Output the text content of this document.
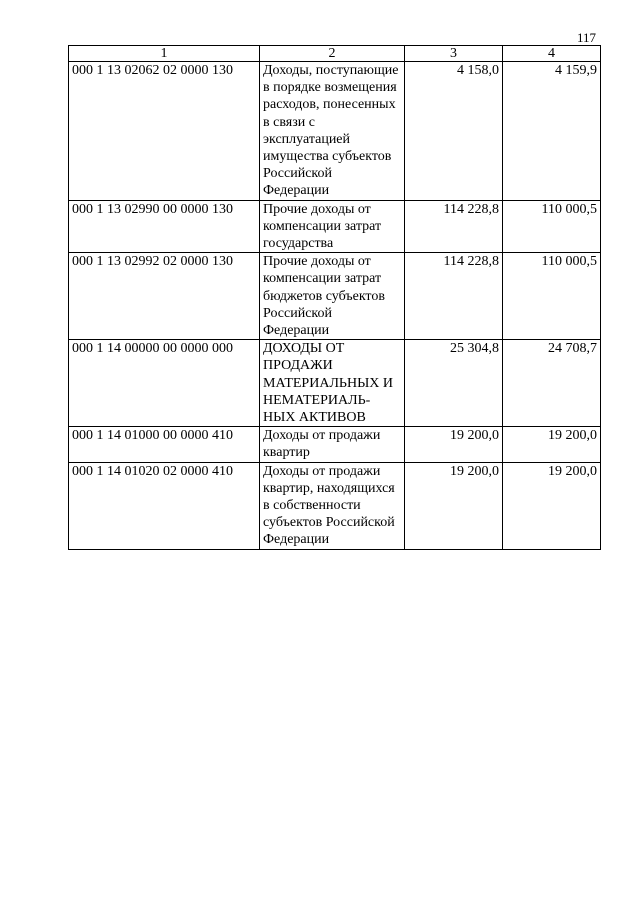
117
1	2	3	4
000 1 13 02062 02 0000 130	Доходы, поступающие в порядке возмещения расходов, понесенных в связи с эксплуатацией имущества субъектов Российской Федерации	4 158,0	4 159,9
000 1 13 02990 00 0000 130	Прочие доходы от компенсации затрат государства	114 228,8	110 000,5
000 1 13 02992 02 0000 130	Прочие доходы от компенсации затрат бюджетов субъектов Российской Федерации	114 228,8	110 000,5
000 1 14 00000 00 0000 000	ДОХОДЫ ОТ ПРОДАЖИ МАТЕРИАЛЬНЫХ И НЕМАТЕРИАЛЬ-НЫХ АКТИВОВ	25 304,8	24 708,7
000 1 14 01000 00 0000 410	Доходы от продажи квартир	19 200,0	19 200,0
000 1 14 01020 02 0000 410	Доходы от продажи квартир, находящихся в собственности субъектов Российской Федерации	19 200,0	19 200,0
